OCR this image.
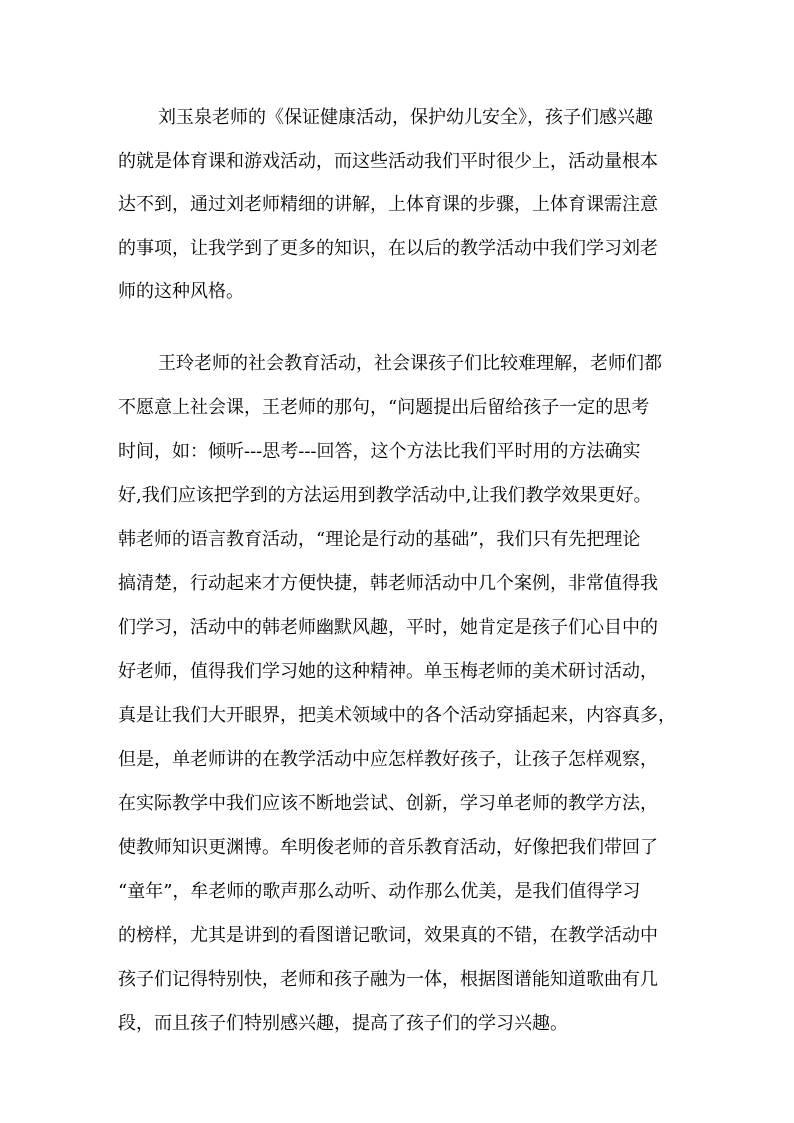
刘玉泉老师的《保证健康活动，保护幼儿安全》，孩子们感兴趣
的就是体育课和游戏活动，而这些活动我们平时很少上，活动量根本
达不到，通过刘老师精细的讲解，上体育课的步骤，上体育课需注意
的事项，让我学到了更多的知识，在以后的教学活动中我们学习刘老
师的这种风格。
王玲老师的社会教育活动，社会课孩子们比较难理解，老师们都
不愿意上社会课，王老师的那句，“问题提出后留给孩子一定的思考
时间，如：倾听---思考---回答，这个方法比我们平时用的方法确实
好,我们应该把学到的方法运用到教学活动中,让我们教学效果更好。
韩老师的语言教育活动，“理论是行动的基础”，我们只有先把理论
搞清楚，行动起来才方便快捷，韩老师活动中几个案例，非常值得我
们学习，活动中的韩老师幽默风趣，平时，她肯定是孩子们心目中的
好老师，值得我们学习她的这种精神。单玉梅老师的美术研讨活动，
真是让我们大开眼界，把美术领域中的各个活动穿插起来，内容真多，
但是，单老师讲的在教学活动中应怎样教好孩子，让孩子怎样观察，
在实际教学中我们应该不断地尝试、创新，学习单老师的教学方法，
使教师知识更渊博。牟明俊老师的音乐教育活动，好像把我们带回了
“童年”，牟老师的歌声那么动听、动作那么优美，是我们值得学习
的榜样，尤其是讲到的看图谱记歌词，效果真的不错，在教学活动中
孩子们记得特别快，老师和孩子融为一体，根据图谱能知道歌曲有几
段，而且孩子们特别感兴趣，提高了孩子们的学习兴趣。
